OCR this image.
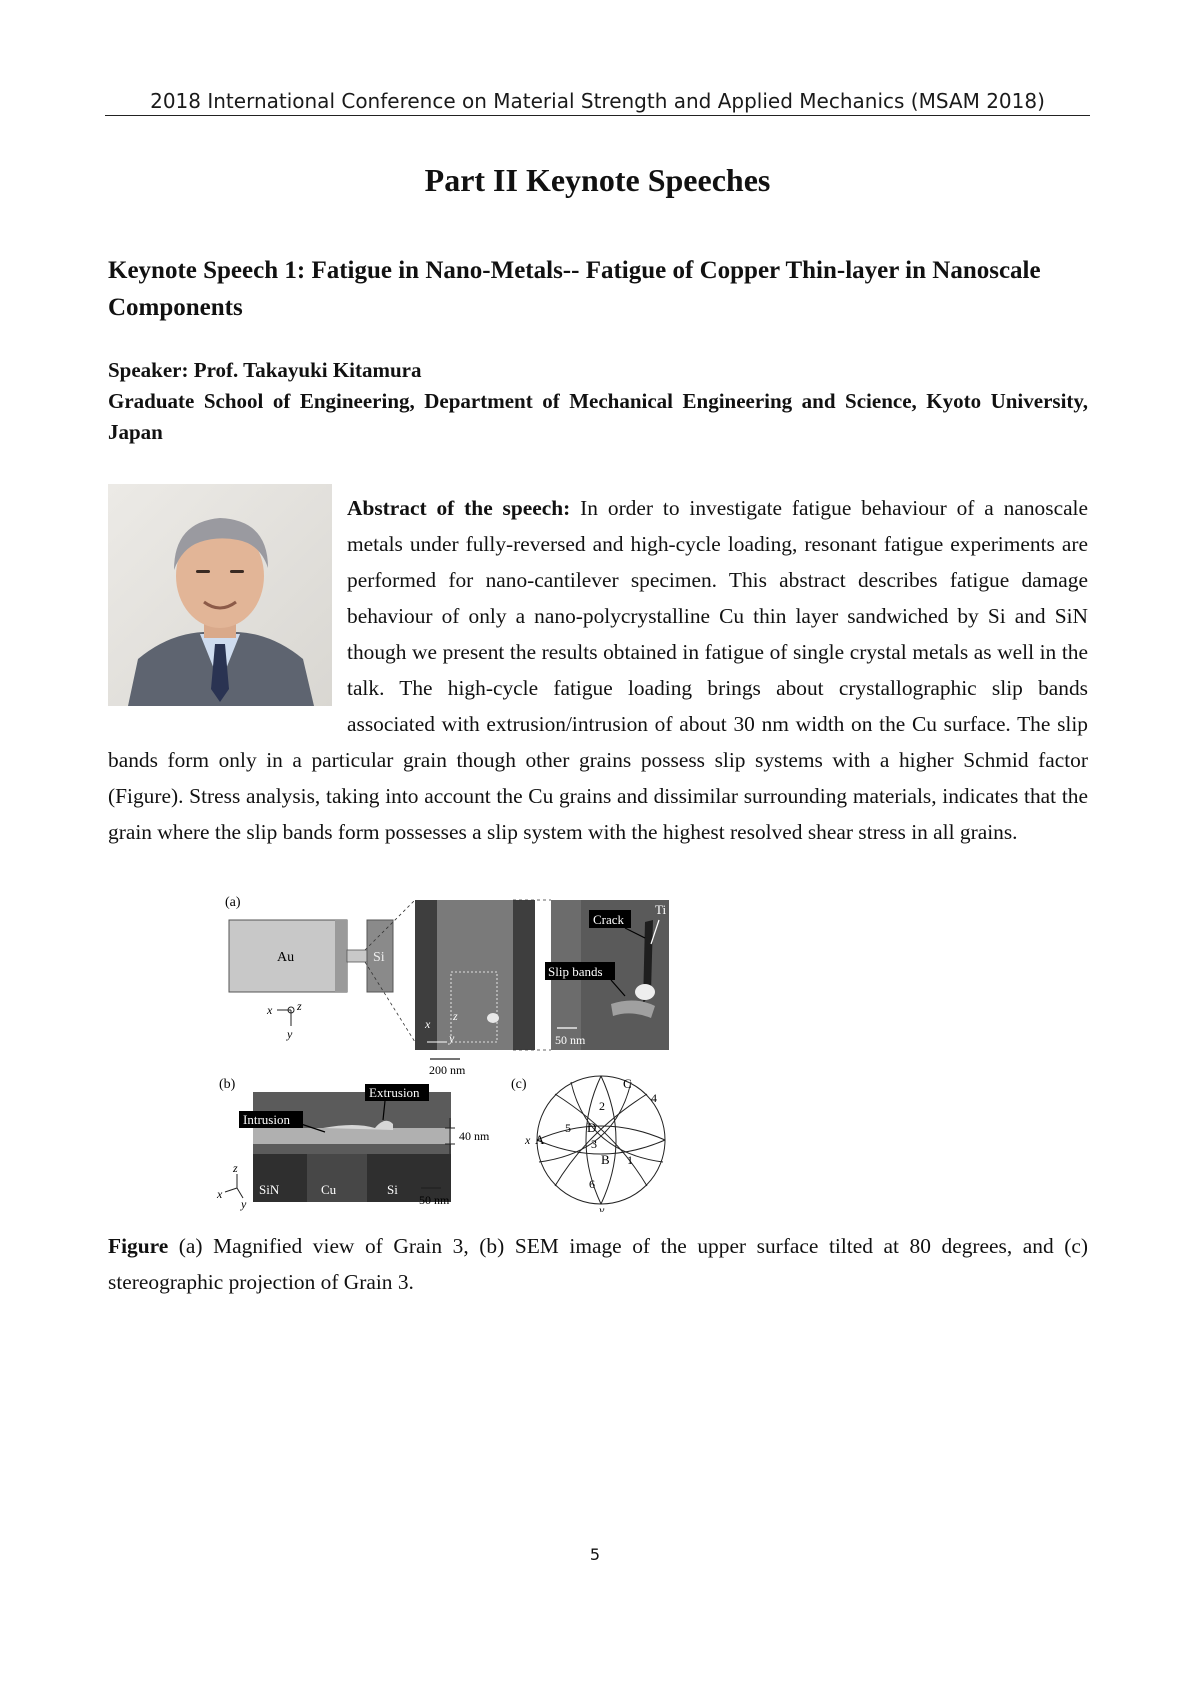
2018 International Conference on Material Strength and Applied Mechanics (MSAM 2018)
Part II Keynote Speeches
Keynote Speech 1: Fatigue in Nano-Metals-- Fatigue of Copper Thin-layer in Nanoscale Components
Speaker: Prof. Takayuki Kitamura
Graduate School of Engineering, Department of Mechanical Engineering and Science, Kyoto University, Japan

Abstract of the speech: In order to investigate fatigue behaviour of a nanoscale metals under fully-reversed and high-cycle loading, resonant fatigue experiments are performed for nano-cantilever specimen. This abstract describes fatigue damage behaviour of only a nano-polycrystalline Cu thin layer sandwiched by Si and SiN though we present the results obtained in fatigue of single crystal metals as well in the talk. The high-cycle fatigue loading brings about crystallographic slip bands associated with extrusion/intrusion of about 30 nm width on the Cu surface. The slip bands form only in a particular grain though other grains possess slip systems with a higher Schmid factor (Figure). Stress analysis, taking into account the Cu grains and dissimilar surrounding materials, indicates that the grain where the slip bands form possesses a slip system with the highest resolved shear stress in all grains.

(a)
Au	Si
x z
y
x
z
y
200 nm
Crack
Ti
Slip bands
50 nm
(b)
Extrusion
Intrusion
40 nm
SiN	Cu	Si
50 nm
z
x
y
(c)	C
4
2
x A
5 D
3
B 1
6
y

Figure (a) Magnified view of Grain 3, (b) SEM image of the upper surface tilted at 80 degrees, and (c) stereographic projection of Grain 3.

5
